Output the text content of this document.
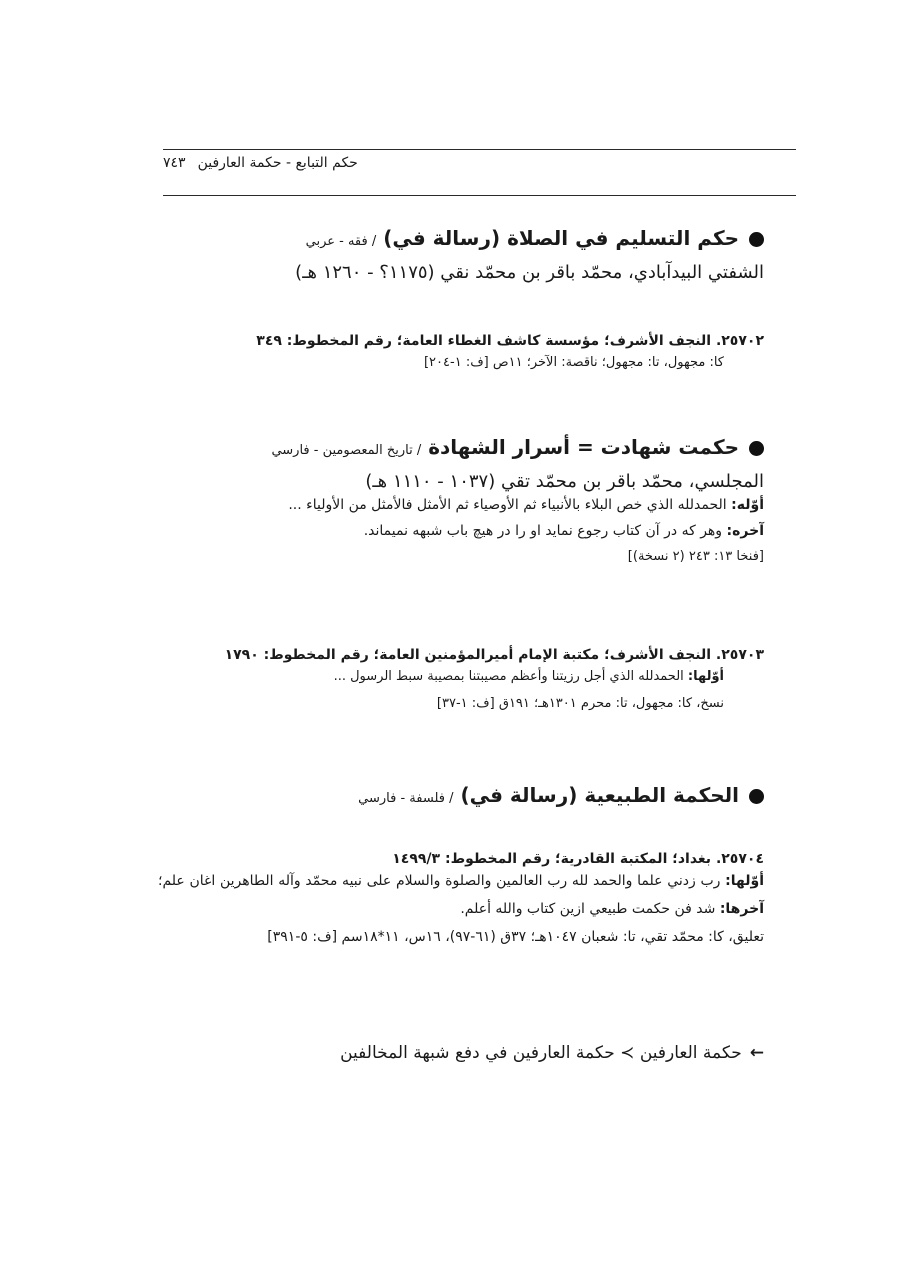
حكم التبابع - حكمة العارفين٧٤٣
حكم التسليم في الصلاة (رسالة في) / فقه - عربي
الشفتي البيدآبادي، محمّد باقر بن محمّد نقي (١١٧٥؟ - ١٢٦٠ هـ)
٢٥٧٠٢. النجف الأشرف؛ مؤسسة كاشف الغطاء العامة؛ رقم المخطوط: ٣٤٩
كا: مجهول، تا: مجهول؛ ناقصة: الآخر؛ ١١ص [ف: ١-٢٠٤]
حكمت شهادت = أسرار الشهادة / تاريخ المعصومين - فارسي
المجلسي، محمّد باقر بن محمّد تقي (١٠٣٧ - ١١١٠ هـ)
أوّله: الحمدلله الذي خص البلاء بالأنبياء ثم الأوصياء ثم الأمثل فالأمثل من الأولياء ...
آخره: وهر كه در آن كتاب رجوع نمايد او را در هيچ باب شبهه نميماند.
[فنخا ١٣: ٢٤٣ (٢ نسخة)]
٢٥٧٠٣. النجف الأشرف؛ مكتبة الإمام أميرالمؤمنين العامة؛ رقم المخطوط: ١٧٩٠
أوّلها: الحمدلله الذي أجل رزيتنا وأعظم مصيبتنا بمصيبة سبط الرسول ...
نسخ، كا: مجهول، تا: محرم ١٣٠١هـ؛ ١٩١ق [ف: ١-٣٧]
الحكمة الطبيعية (رسالة في) / فلسفة - فارسي
٢٥٧٠٤. بغداد؛ المكتبة القادرية؛ رقم المخطوط: ١٤٩٩/٣
أوّلها: رب زدني علما والحمد لله رب العالمين والصلوة والسلام على نبيه محمّد وآله الطاهرين اغان علم؛ آخرها: شد فن حكمت طبيعي ازين كتاب والله أعلم.
تعليق، كا: محمّد تقي، تا: شعبان ١٠٤٧هـ؛ ٣٧ق (٦١-٩٧)، ١٦س، ١١*١٨سم [ف: ٥-٣٩١]
←حكمة العارفين ≻ حكمة العارفين في دفع شبهة المخالفين
